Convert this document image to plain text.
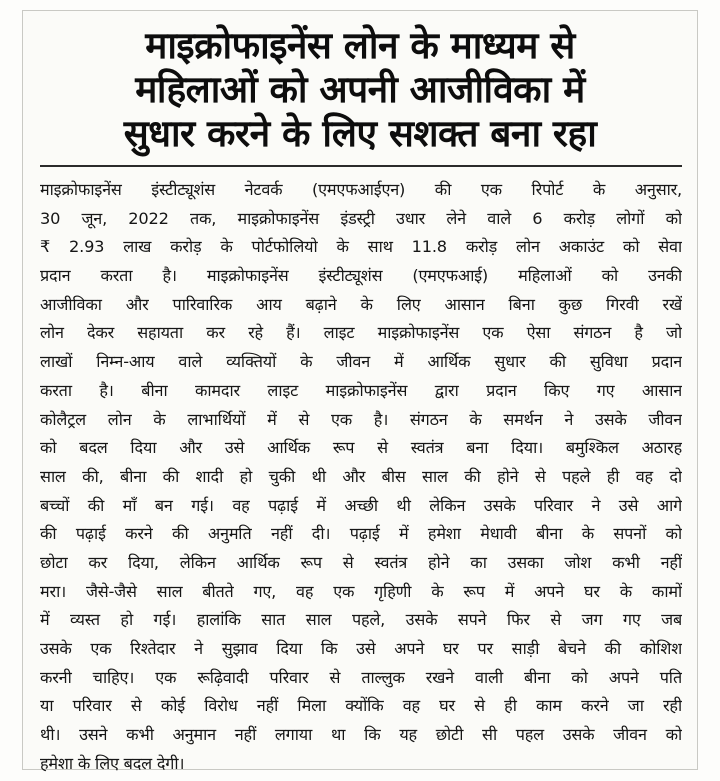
माइक्रोफाइनेंस लोन के माध्यम से
महिलाओं को अपनी आजीविका में
सुधार करने के लिए सशक्त बना रहा
माइक्रोफाइनेंस इंस्टीट्यूशंस नेटवर्क (एमएफआईएन) की एक रिपोर्ट के अनुसार,
30 जून, 2022 तक, माइक्रोफाइनेंस इंडस्ट्री उधार लेने वाले 6 करोड़ लोगों को
₹ 2.93 लाख करोड़ के पोर्टफोलियो के साथ 11.8 करोड़ लोन अकाउंट को सेवा
प्रदान करता है। माइक्रोफाइनेंस इंस्टीट्यूशंस (एमएफआई) महिलाओं को उनकी
आजीविका और पारिवारिक आय बढ़ाने के लिए आसान बिना कुछ गिरवी रखें
लोन देकर सहायता कर रहे हैं। लाइट माइक्रोफाइनेंस एक ऐसा संगठन है जो
लाखों निम्न-आय वाले व्यक्तियों के जीवन में आर्थिक सुधार की सुविधा प्रदान
करता है। बीना कामदार लाइट माइक्रोफाइनेंस द्वारा प्रदान किए गए आसान
कोलैट्रल लोन के लाभार्थियों में से एक है। संगठन के समर्थन ने उसके जीवन
को बदल दिया और उसे आर्थिक रूप से स्वतंत्र बना दिया। बमुश्किल अठारह
साल की, बीना की शादी हो चुकी थी और बीस साल की होने से पहले ही वह दो
बच्चों की माँ बन गई। वह पढ़ाई में अच्छी थी लेकिन उसके परिवार ने उसे आगे
की पढ़ाई करने की अनुमति नहीं दी। पढ़ाई में हमेशा मेधावी बीना के सपनों को
छोटा कर दिया, लेकिन आर्थिक रूप से स्वतंत्र होने का उसका जोश कभी नहीं
मरा। जैसे-जैसे साल बीतते गए, वह एक गृहिणी के रूप में अपने घर के कामों
में व्यस्त हो गई। हालांकि सात साल पहले, उसके सपने फिर से जग गए जब
उसके एक रिश्तेदार ने सुझाव दिया कि उसे अपने घर पर साड़ी बेचने की कोशिश
करनी चाहिए। एक रूढ़िवादी परिवार से ताल्लुक रखने वाली बीना को अपने पति
या परिवार से कोई विरोध नहीं मिला क्योंकि वह घर से ही काम करने जा रही
थी। उसने कभी अनुमान नहीं लगाया था कि यह छोटी सी पहल उसके जीवन को
हमेशा के लिए बदल देगी।
